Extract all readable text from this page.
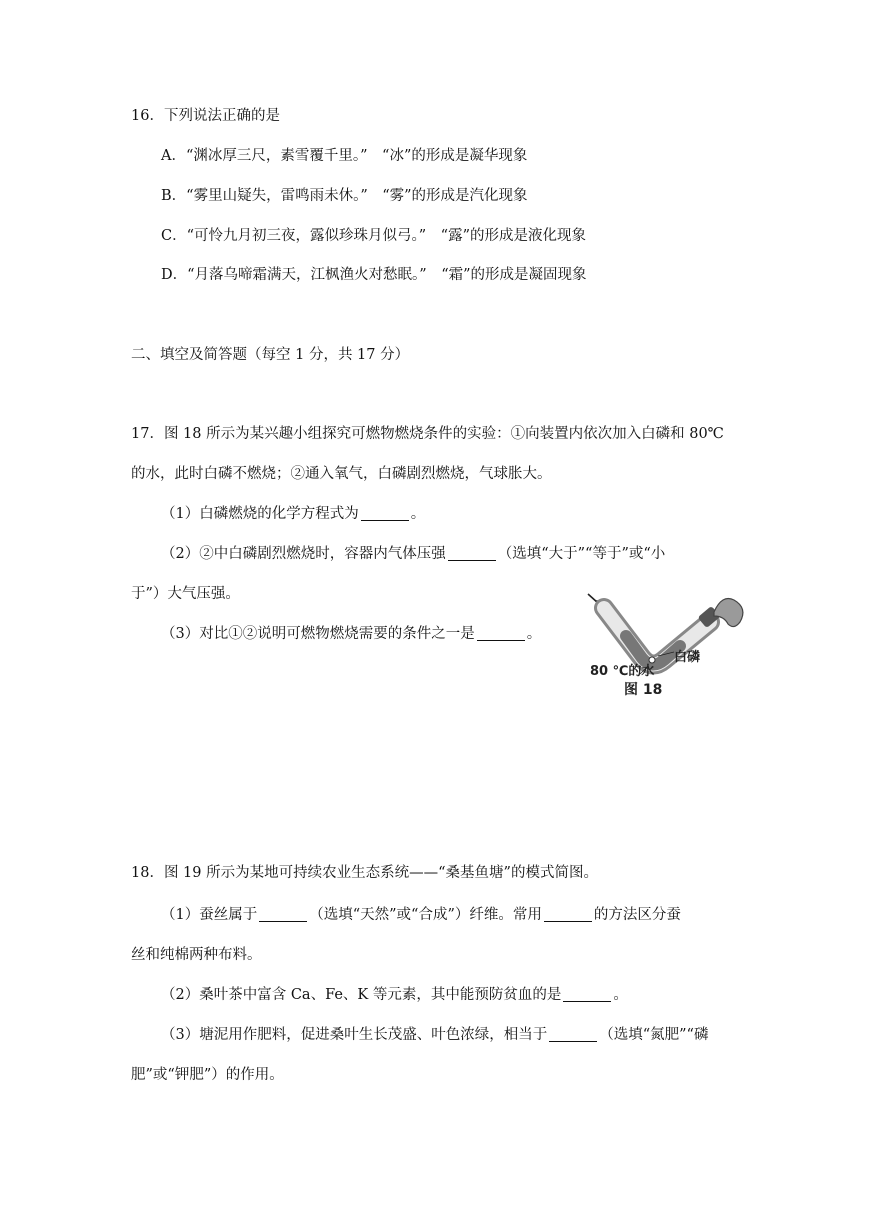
16．下列说法正确的是
A．“渊冰厚三尺，素雪覆千里。”　“冰”的形成是凝华现象
B．“雾里山疑失，雷鸣雨未休。”　“雾”的形成是汽化现象
C．“可怜九月初三夜，露似珍珠月似弓。”　“露”的形成是液化现象
D．“月落乌啼霜满天，江枫渔火对愁眠。”　“霜”的形成是凝固现象
二、填空及简答题（每空 1 分，共 17 分）
17．图 18 所示为某兴趣小组探究可燃物燃烧条件的实验：①向装置内依次加入白磷和 80℃
的水，此时白磷不燃烧；②通入氧气，白磷剧烈燃烧，气球胀大。
（1）白磷燃烧的化学方程式为	。
（2）②中白磷剧烈燃烧时，容器内气体压强	（选填“大于”“等于”或“小
于”）大气压强。
（3）对比①②说明可燃物燃烧需要的条件之一是	。
80 ℃的水
白磷
图 18
18．图 19 所示为某地可持续农业生态系统——“桑基鱼塘”的模式简图。
（1）蚕丝属于	（选填“天然”或“合成”）纤维。常用	的方法区分蚕
丝和纯棉两种布料。
（2）桑叶茶中富含 Ca、Fe、K 等元素，其中能预防贫血的是	。
（3）塘泥用作肥料，促进桑叶生长茂盛、叶色浓绿，相当于	（选填“氮肥”“磷
肥”或“钾肥”）的作用。
